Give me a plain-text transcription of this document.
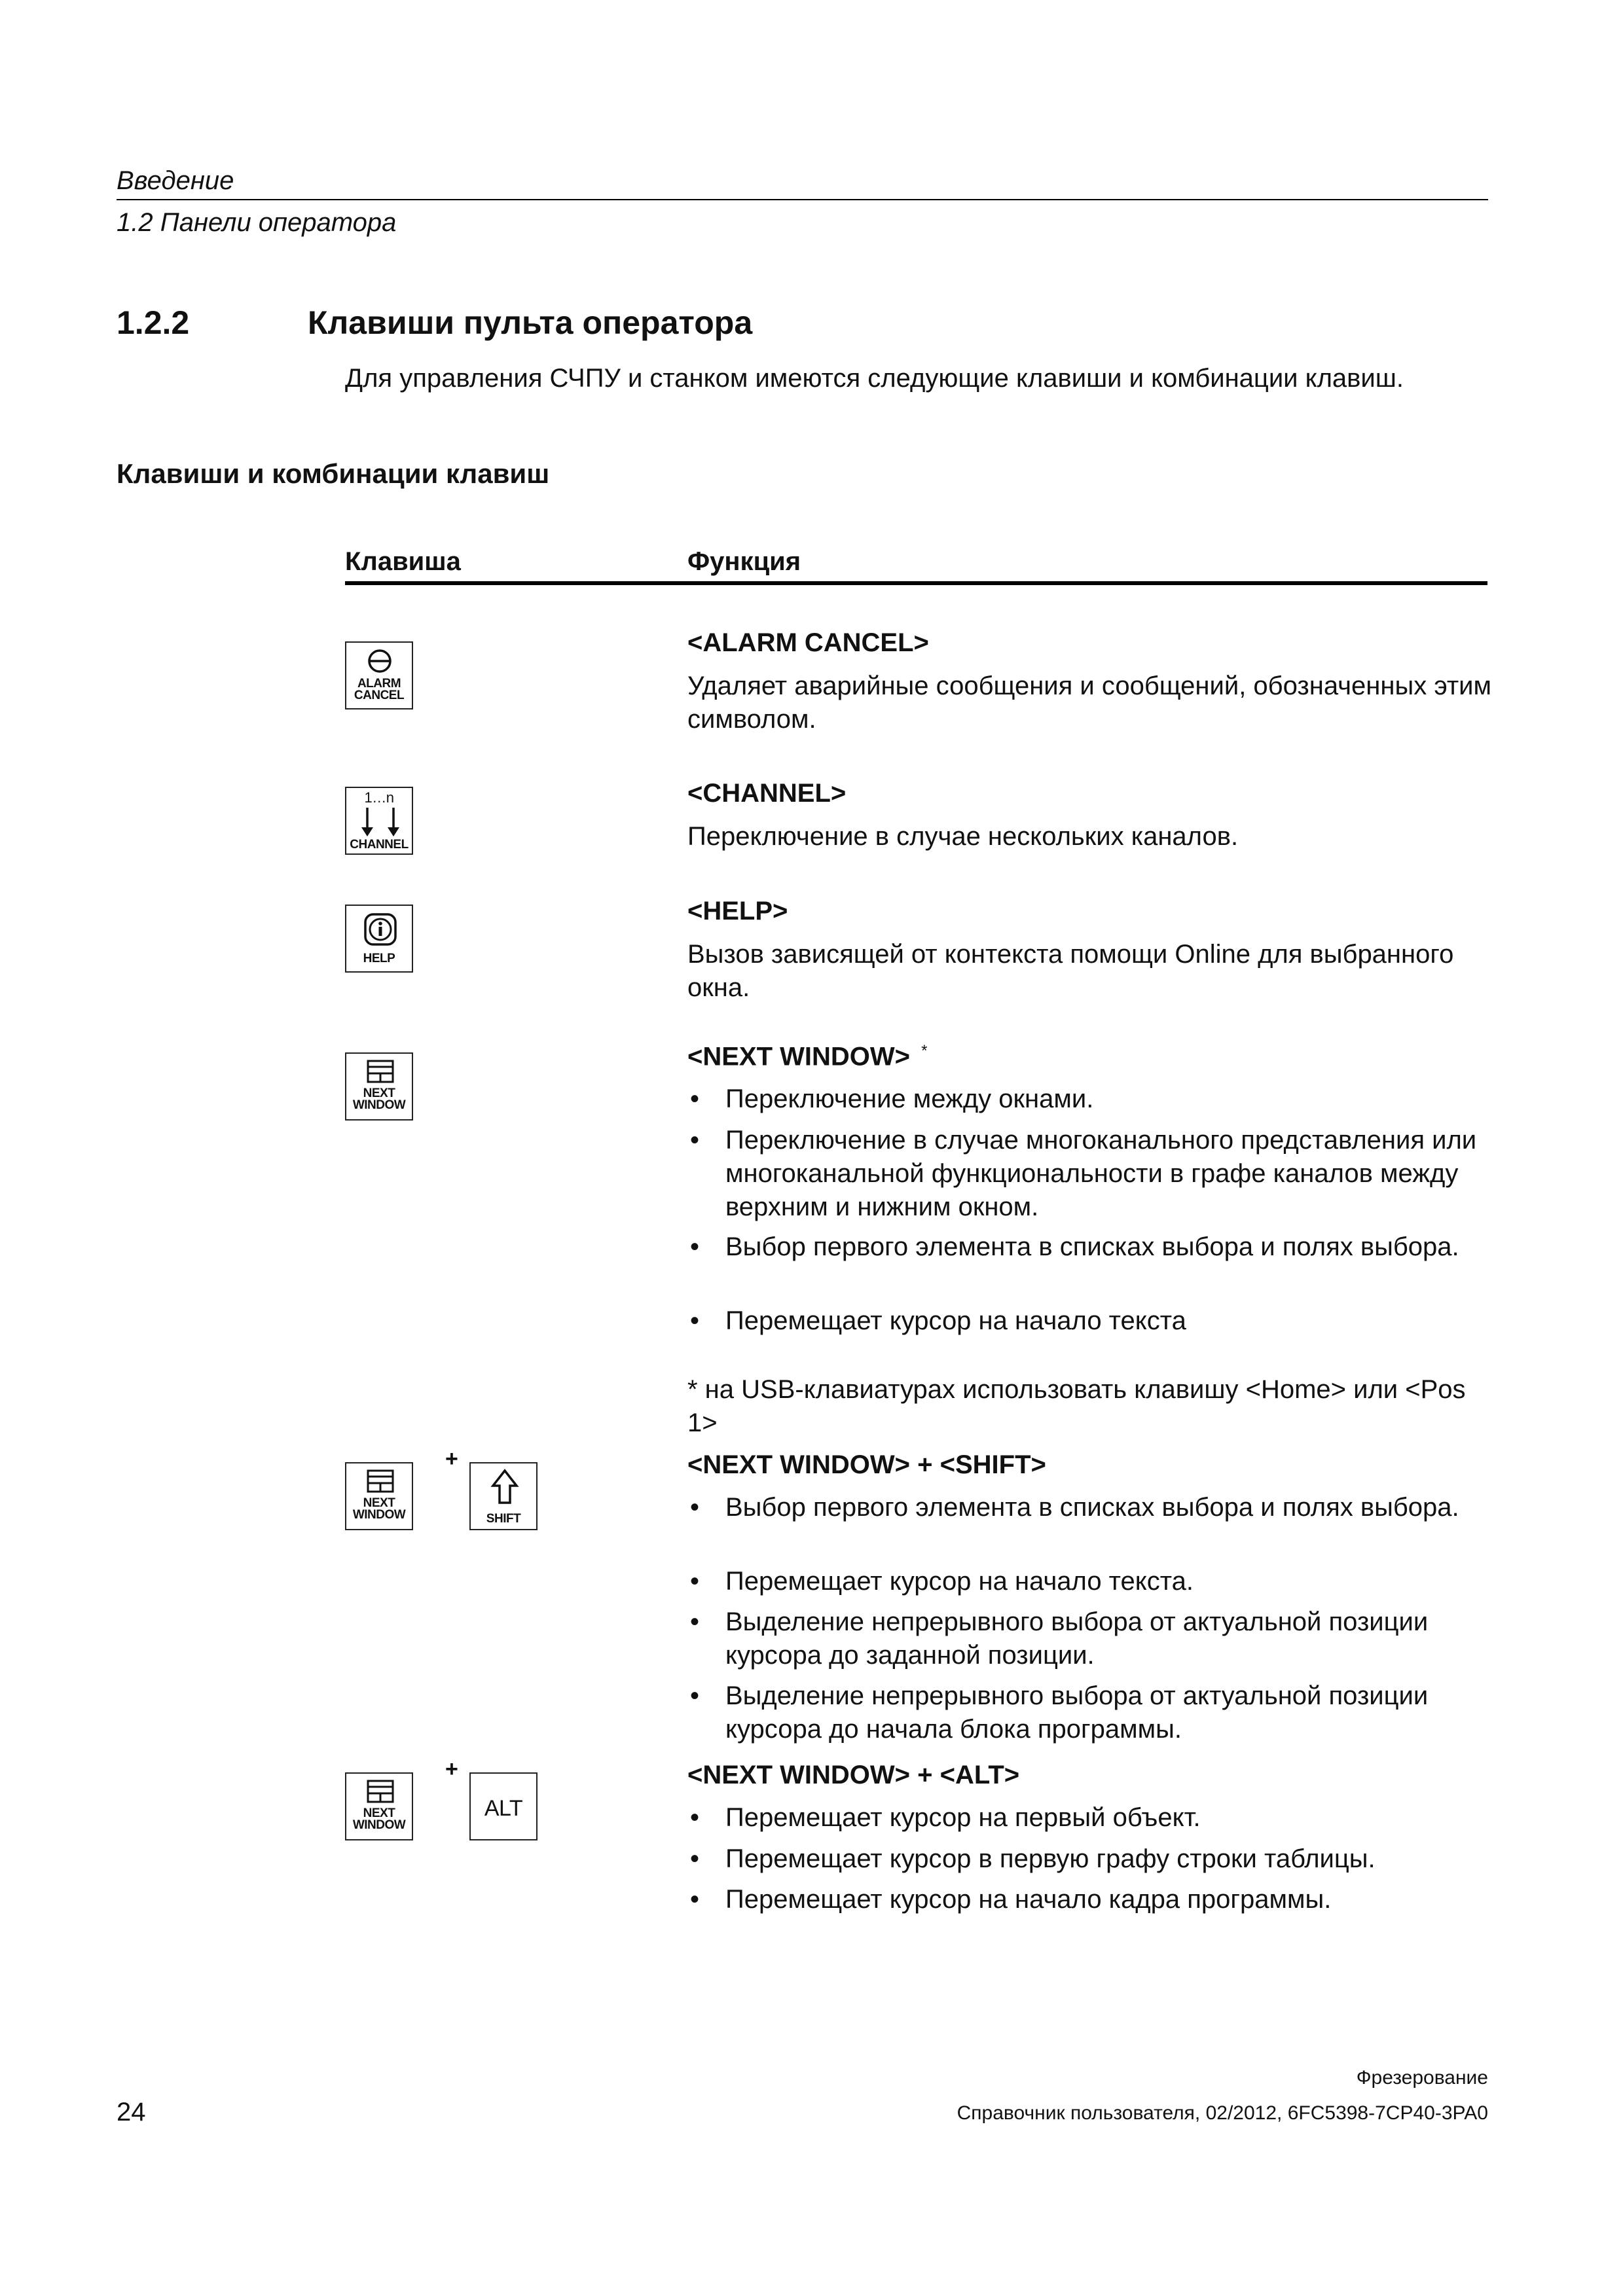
Введение
1.2 Панели оператора
1.2.2	Клавиши пульта оператора
Для управления СЧПУ и станком имеются следующие клавиши и комбинации клавиш.
Клавиши и комбинации клавиш
Клавиша	Функция
ALARM
CANCEL
<ALARM CANCEL>
Удаляет аварийные сообщения и сообщений, обозначенных этим символом.
1…n
CHANNEL
<CHANNEL>
Переключение в случае нескольких каналов.
HELP
<HELP>
Вызов зависящей от контекста помощи Online для выбранного окна.
NEXT
WINDOW
<NEXT WINDOW> *
• Переключение между окнами.
• Переключение в случае многоканального представления или многоканальной функциональности в графе каналов между верхним и нижним окном.
• Выбор первого элемента в списках выбора и полях выбора.
• Перемещает курсор на начало текста
* на USB-клавиатурах использовать клавишу <Home> или <Pos 1>
NEXT
WINDOW
+
SHIFT
<NEXT WINDOW> + <SHIFT>
• Выбор первого элемента в списках выбора и полях выбора.
• Перемещает курсор на начало текста.
• Выделение непрерывного выбора от актуальной позиции курсора до заданной позиции.
• Выделение непрерывного выбора от актуальной позиции курсора до начала блока программы.
NEXT
WINDOW
+
ALT
<NEXT WINDOW> + <ALT>
• Перемещает курсор на первый объект.
• Перемещает курсор в первую графу строки таблицы.
• Перемещает курсор на начало кадра программы.
Фрезерование
Справочник пользователя, 02/2012, 6FC5398-7CP40-3PA0
24
